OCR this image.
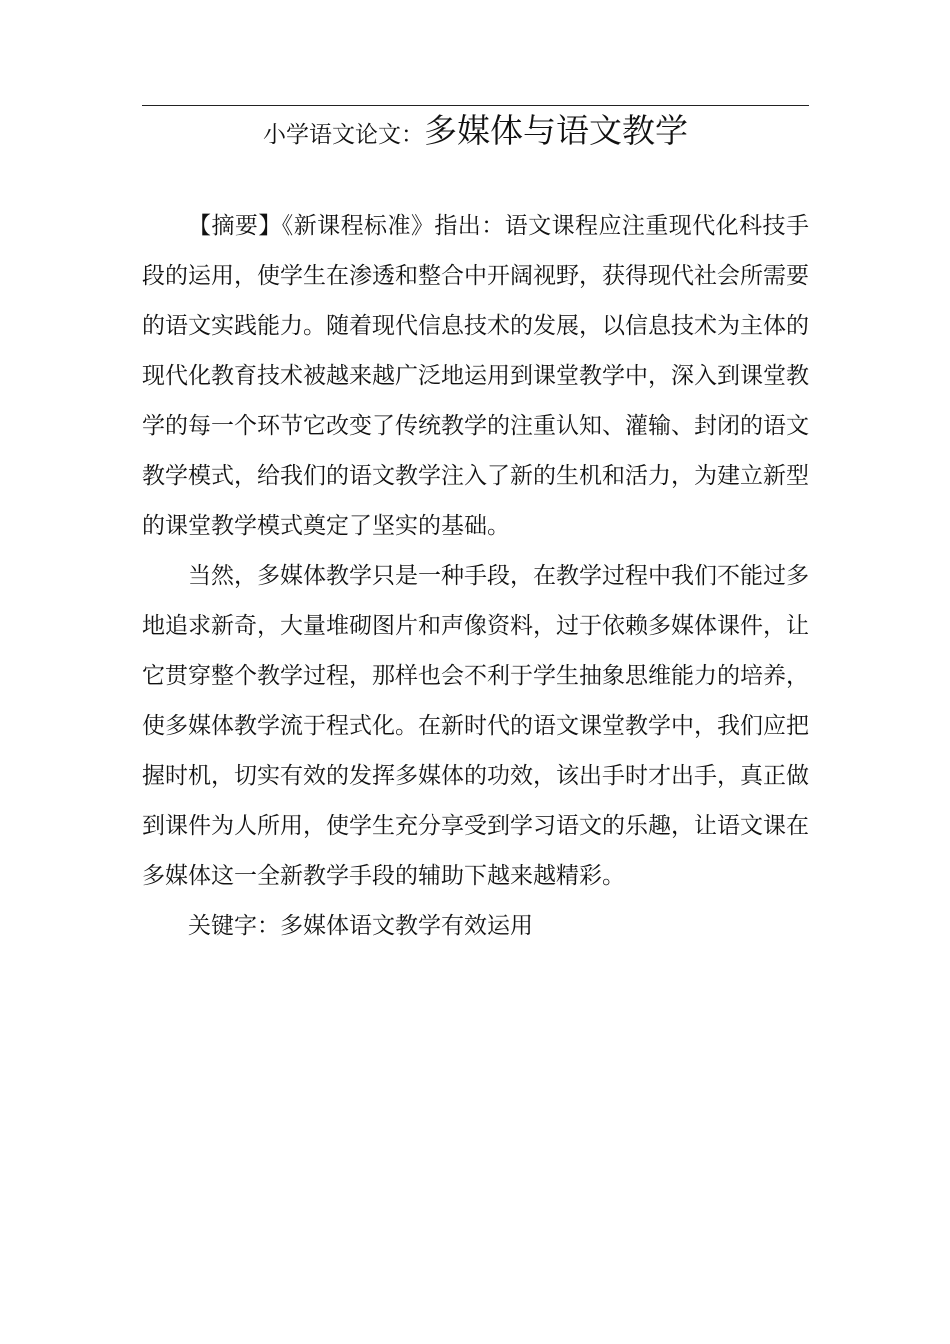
小学语文论文：多媒体与语文教学

【摘要】《新课程标准》指出：语文课程应注重现代化科技手段的运用，使学生在渗透和整合中开阔视野，获得现代社会所需要的语文实践能力。随着现代信息技术的发展，以信息技术为主体的现代化教育技术被越来越广泛地运用到课堂教学中，深入到课堂教学的每一个环节它改变了传统教学的注重认知、灌输、封闭的语文教学模式，给我们的语文教学注入了新的生机和活力，为建立新型的课堂教学模式奠定了坚实的基础。

当然，多媒体教学只是一种手段，在教学过程中我们不能过多地追求新奇，大量堆砌图片和声像资料，过于依赖多媒体课件，让它贯穿整个教学过程，那样也会不利于学生抽象思维能力的培养，使多媒体教学流于程式化。在新时代的语文课堂教学中，我们应把握时机，切实有效的发挥多媒体的功效，该出手时才出手，真正做到课件为人所用，使学生充分享受到学习语文的乐趣，让语文课在多媒体这一全新教学手段的辅助下越来越精彩。

关键字：多媒体语文教学有效运用
